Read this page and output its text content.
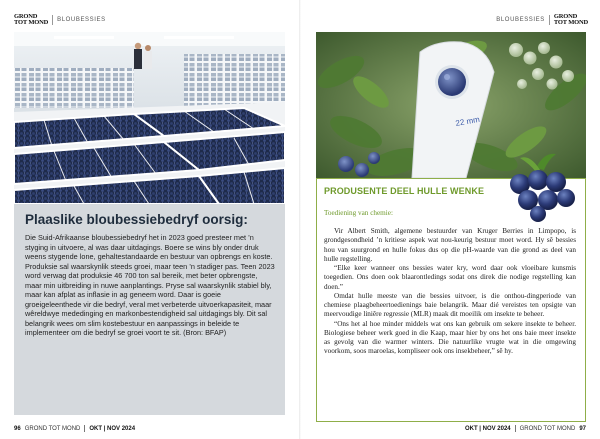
GROND
TOT MOND BLOUBESSIES	BLOUBESSIES GROND
TOT MOND
Plaaslike bloubessiebedryf oorsig:

Die Suid-Afrikaanse bloubessiebedryf het in 2023 goed presteer met ’n styging in uitvoere, al was daar uitdagings. Boere se wins bly onder druk weens stygende lone, gehaltestandaarde en bestuur van opbrengs en koste.

Produksie sal waarskynlik steeds groei, maar teen ’n stadiger pas. Teen 2023 word verwag dat produksie 46 700 ton sal bereik, met beter opbrengste, maar min uitbreiding in nuwe aanplantings. Pryse sal waarskynlik stabiel bly, maar kan afplat as inflasie in ag geneem word. Daar is goeie groeigeleenthede vir die bedryf, veral met verbeterde uitvoerkapasiteit, maar wêreldwye mededinging en markonbestendigheid sal uitdagings bly. Dit sal belangrik wees om slim kostebestuur en aanpassings in beleide te implementeer om die bedryf se groei voort te sit. (Bron: BFAP)

22 mm
PRODUSENTE DEEL HULLE WENKE
Toediening van chemie:

Vir Albert Smith, algemene bestuurder van Kruger Berries in Limpopo, is grondgesondheid ’n kritiese aspek wat nou-keurig bestuur moet word. Hy sê bessies hou van suurgrond en hulle fokus dus op die pH-waarde van die grond as deel van hulle regstelling.

“Elke keer wanneer ons bessies water kry, word daar ook vloeibare kunsmis toegedien. Ons doen ook blaarontledings sodat ons direk die nodige regstelling kan doen.”

Omdat hulle meeste van die bessies uitvoer, is die onthou-dingperiode van chemiese plaagbeheertoedienings baie belangrik. Maar dié vereistes ten opsigte van meervoudige liniêre regressie (MLR) maak dit moeilik om insekte te beheer.

“Ons het al hoe minder middels wat ons kan gebruik om sekere insekte te beheer. Biologiese beheer werk goed in die Kaap, maar hier by ons het ons baie meer insekte as gevolg van die warmer winters. Die natuurlike vrugte wat in die omgewing voorkom, soos maroelas, kompliseer ook ons insekbeheer,” sê hy.

96 GROND TOT MOND OKT | NOV 2024	OKT | NOV 2024 GROND TOT MOND 97
